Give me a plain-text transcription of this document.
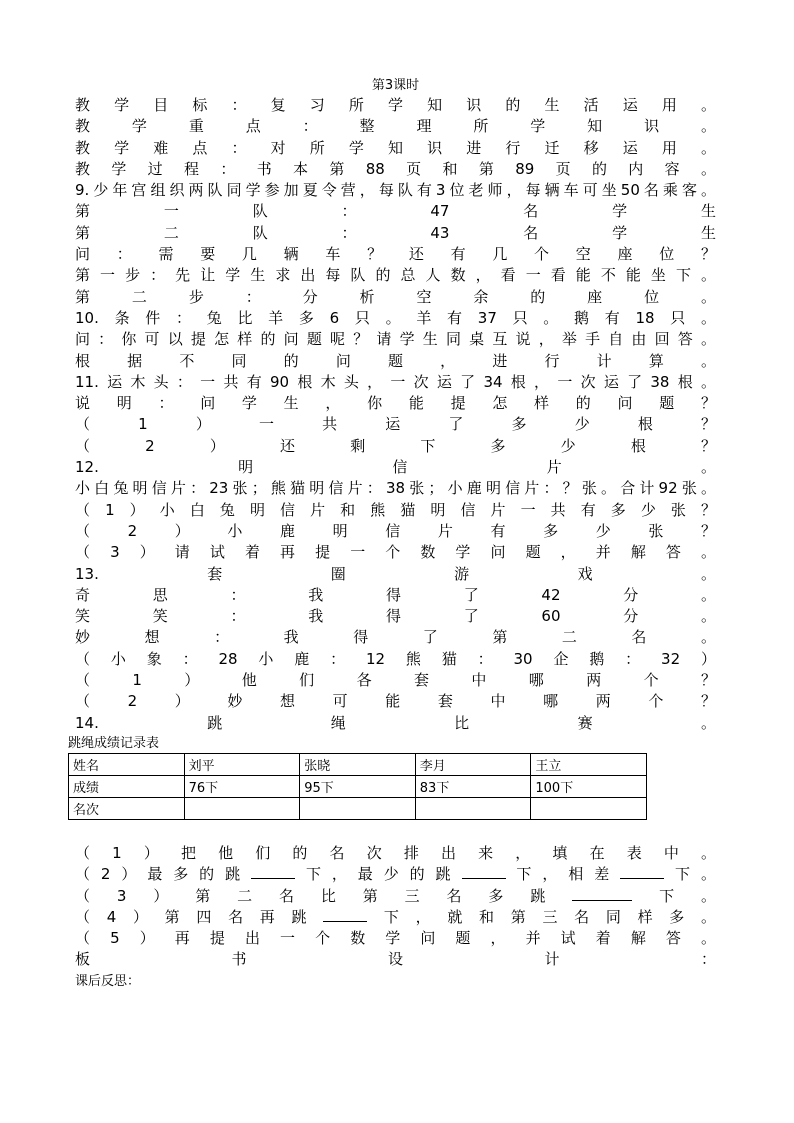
第3课时
教学目标：复习所学知识的生活运用。
教学重点：整理所学知识。
教学难点：对所学知识进行迁移运用。
教学过程：书本第88页和第89页的内容。
9.少年宫组织两队同学参加夏令营，每队有3位老师，每辆车可坐50名乘客。
第一队：47名学生
第二队：43名学生
问：需要几辆车？还有几个空座位？
第一步：先让学生求出每队的总人数，看一看能不能坐下。
第二步：分析空余的座位。
10.条件：兔比羊多6只。羊有37只。鹅有18只。
问：你可以提怎样的问题呢？请学生同桌互说，举手自由回答。
根据不同的问题，进行计算。
11.运木头：一共有90根木头，一次运了34根，一次运了38根。
说明：问学生，你能提怎样的问题？
（1）一共运了多少根？
（2）还剩下多少根？
12.明信片。
小白兔明信片：23张；熊猫明信片：38张；小鹿明信片：？张。合计92张。
（1）小白兔明信片和熊猫明信片一共有多少张？
（2）小鹿明信片有多少张？
（3）请试着再提一个数学问题，并解答。
13.套圈游戏。
奇思：我得了42分。
笑笑：我得了60分。
妙想：我得了第二名。
（小象：28小鹿：12熊猫：30企鹅：32）
（1）他们各套中哪两个？
（2）妙想可能套中哪两个？
14.跳绳比赛。
跳绳成绩记录表
姓名	刘平	张晓	李月	王立
成绩	76下	95下	83下	100下
名次				
（1）把他们的名次排出来，填在表中。
（2）最多的跳	下，最少的跳	下，相差	下。
（3）第二名比第三名多跳	下。
（4）第四名再跳	下，就和第三名同样多。
（5）再提出一个数学问题，并试着解答。
板书设计：
课后反思：
